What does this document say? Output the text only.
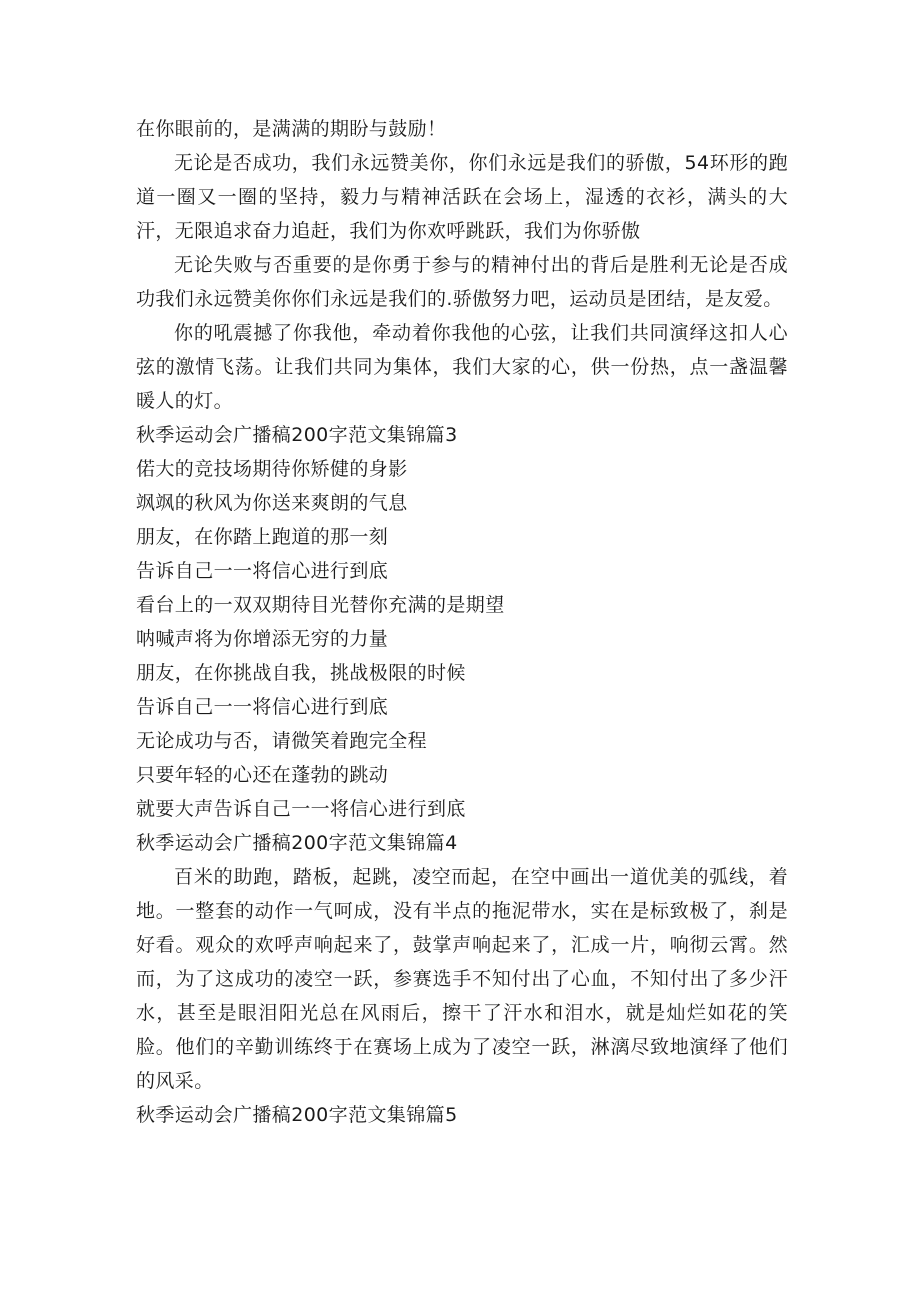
在你眼前的，是满满的期盼与鼓励！

无论是否成功，我们永远赞美你，你们永远是我们的骄傲，54环形的跑道一圈又一圈的坚持，毅力与精神活跃在会场上，湿透的衣衫，满头的大汗，无限追求奋力追赶，我们为你欢呼跳跃，我们为你骄傲

无论失败与否重要的是你勇于参与的精神付出的背后是胜利无论是否成功我们永远赞美你你们永远是我们的.骄傲努力吧，运动员是团结，是友爱。

你的吼震撼了你我他，牵动着你我他的心弦，让我们共同演绎这扣人心弦的激情飞荡。让我们共同为集体，我们大家的心，供一份热，点一盏温馨暖人的灯。

秋季运动会广播稿200字范文集锦篇3

偌大的竞技场期待你矫健的身影

飒飒的秋风为你送来爽朗的气息

朋友，在你踏上跑道的那一刻

告诉自己一一将信心进行到底

看台上的一双双期待目光替你充满的是期望

呐喊声将为你增添无穷的力量

朋友，在你挑战自我，挑战极限的时候

告诉自己一一将信心进行到底

无论成功与否，请微笑着跑完全程

只要年轻的心还在蓬勃的跳动

就要大声告诉自己一一将信心进行到底

秋季运动会广播稿200字范文集锦篇4

百米的助跑，踏板，起跳，凌空而起，在空中画出一道优美的弧线，着地。一整套的动作一气呵成，没有半点的拖泥带水，实在是标致极了，刹是好看。观众的欢呼声响起来了，鼓掌声响起来了，汇成一片，响彻云霄。然而，为了这成功的凌空一跃，参赛选手不知付出了心血，不知付出了多少汗水，甚至是眼泪阳光总在风雨后，擦干了汗水和泪水，就是灿烂如花的笑脸。他们的辛勤训练终于在赛场上成为了凌空一跃，淋漓尽致地演绎了他们的风采。

秋季运动会广播稿200字范文集锦篇5
